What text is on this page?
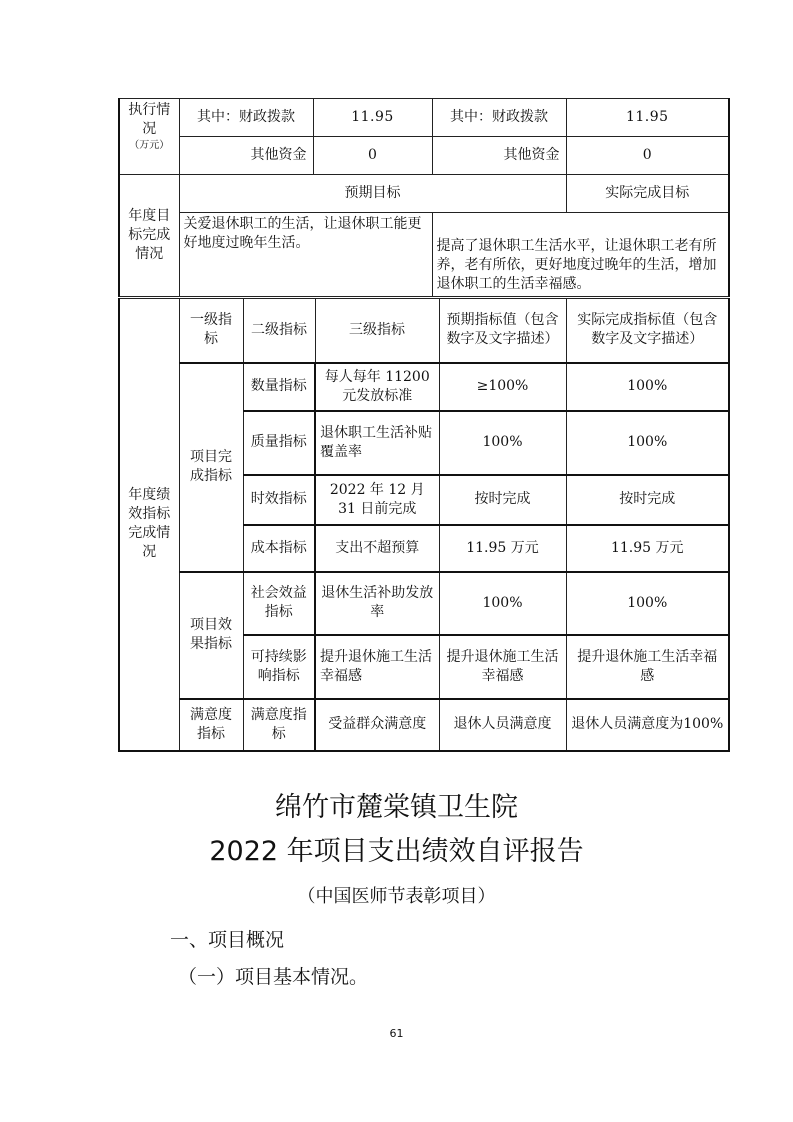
执行情况
（万元）	其中：财政拨款	11.95	其中：财政拨款	11.95
	其他资金	0	其他资金	0
年度目标完成情况	预期目标			实际完成目标
	关爱退休职工的生活，让退休职工能更好地度过晚年生活。		提高了退休职工生活水平，让退休职工老有所养，老有所依，更好地度过晚年的生活，增加退休职工的生活幸福感。	
年度绩效指标完成情况	一级指标	二级指标	三级指标	预期指标值（包含数字及文字描述）	实际完成指标值（包含数字及文字描述）
	项目完成指标	数量指标	每人每年 11200 元发放标准	≥100%	100%
		质量指标	退休职工生活补贴覆盖率	100%	100%
		时效指标	2022 年 12 月 31 日前完成	按时完成	按时完成
		成本指标	支出不超预算	11.95 万元	11.95 万元
	项目效果指标	社会效益指标	退休生活补助发放率	100%	100%
		可持续影响指标	提升退休施工生活幸福感	提升退休施工生活幸福感	提升退休施工生活幸福感
	满意度指标	满意度指标	受益群众满意度	退休人员满意度	退休人员满意度为100%
绵竹市麓棠镇卫生院
2022 年项目支出绩效自评报告
（中国医师节表彰项目）
一、项目概况
（一）项目基本情况。
61
